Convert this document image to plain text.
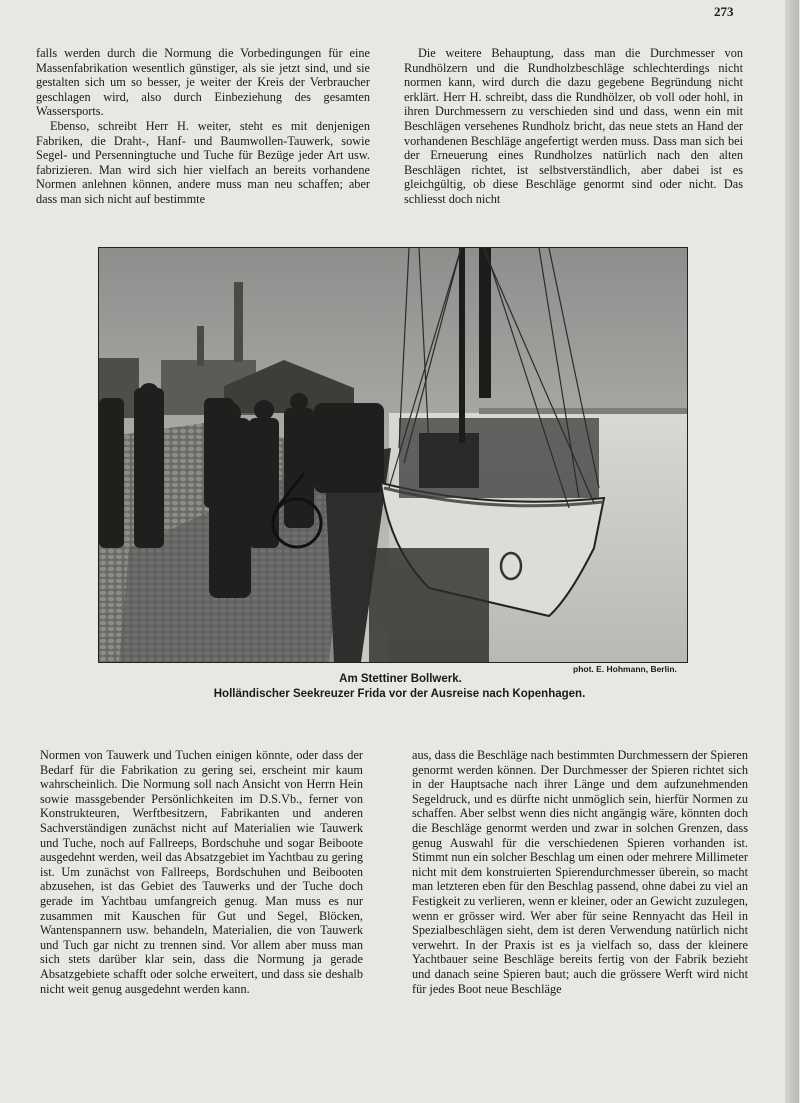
273

falls werden durch die Normung die Vorbedingungen für eine Massenfabrikation wesentlich günstiger, als sie jetzt sind, und sie gestalten sich um so besser, je weiter der Kreis der Verbraucher geschlagen wird, also durch Einbeziehung des gesamten Wassersports.

Ebenso, schreibt Herr H. weiter, steht es mit denjenigen Fabriken, die Draht-, Hanf- und Baumwollen-Tauwerk, sowie Segel- und Persenningtuche und Tuche für Bezüge jeder Art usw. fabrizieren. Man wird sich hier vielfach an bereits vorhandene Normen anlehnen können, andere muss man neu schaffen; aber dass man sich nicht auf bestimmte

Die weitere Behauptung, dass man die Durchmesser von Rundhölzern und die Rundholzbeschläge schlechterdings nicht normen kann, wird durch die dazu gegebene Begründung nicht erklärt. Herr H. schreibt, dass die Rundhölzer, ob voll oder hohl, in ihren Durchmessern zu verschieden sind und dass, wenn ein mit Beschlägen versehenes Rundholz bricht, das neue stets an Hand der vorhandenen Beschläge angefertigt werden muss. Dass man sich bei der Erneuerung eines Rundholzes natürlich nach den alten Beschlägen richtet, ist selbstverständlich, aber dabei ist es gleichgültig, ob diese Beschläge genormt sind oder nicht. Das schliesst doch nicht

phot. E. Hohmann, Berlin.
Am Stettiner Bollwerk.
Holländischer Seekreuzer Frida vor der Ausreise nach Kopenhagen.

Normen von Tauwerk und Tuchen einigen könnte, oder dass der Bedarf für die Fabrikation zu gering sei, erscheint mir kaum wahrscheinlich. Die Normung soll nach Ansicht von Herrn Hein sowie massgebender Persönlichkeiten im D.S.Vb., ferner von Konstrukteuren, Werftbesitzern, Fabrikanten und anderen Sachverständigen zunächst nicht auf Materialien wie Tauwerk und Tuche, noch auf Fallreeps, Bordschuhe und sogar Beiboote ausgedehnt werden, weil das Absatzgebiet im Yachtbau zu gering ist. Um zunächst von Fallreeps, Bordschuhen und Beibooten abzusehen, ist das Gebiet des Tauwerks und der Tuche doch gerade im Yachtbau umfangreich genug. Man muss es nur zusammen mit Kauschen für Gut und Segel, Blöcken, Wantenspannern usw. behandeln, Materialien, die von Tauwerk und Tuch gar nicht zu trennen sind. Vor allem aber muss man sich stets darüber klar sein, dass die Normung ja gerade Absatzgebiete schafft oder solche erweitert, und dass sie deshalb nicht weit genug ausgedehnt werden kann.

aus, dass die Beschläge nach bestimmten Durchmessern der Spieren genormt werden können. Der Durchmesser der Spieren richtet sich in der Hauptsache nach ihrer Länge und dem aufzunehmenden Segeldruck, und es dürfte nicht unmöglich sein, hierfür Normen zu schaffen. Aber selbst wenn dies nicht angängig wäre, könnten doch die Beschläge genormt werden und zwar in solchen Grenzen, dass genug Auswahl für die verschiedenen Spieren vorhanden ist. Stimmt nun ein solcher Beschlag um einen oder mehrere Millimeter nicht mit dem konstruierten Spierendurchmesser überein, so macht man letzteren eben für den Beschlag passend, ohne dabei zu viel an Festigkeit zu verlieren, wenn er kleiner, oder an Gewicht zuzulegen, wenn er grösser wird. Wer aber für seine Rennyacht das Heil in Spezialbeschlägen sieht, dem ist deren Verwendung natürlich nicht verwehrt. In der Praxis ist es ja vielfach so, dass der kleinere Yachtbauer seine Beschläge bereits fertig von der Fabrik bezieht und danach seine Spieren baut; auch die grössere Werft wird nicht für jedes Boot neue Beschläge
